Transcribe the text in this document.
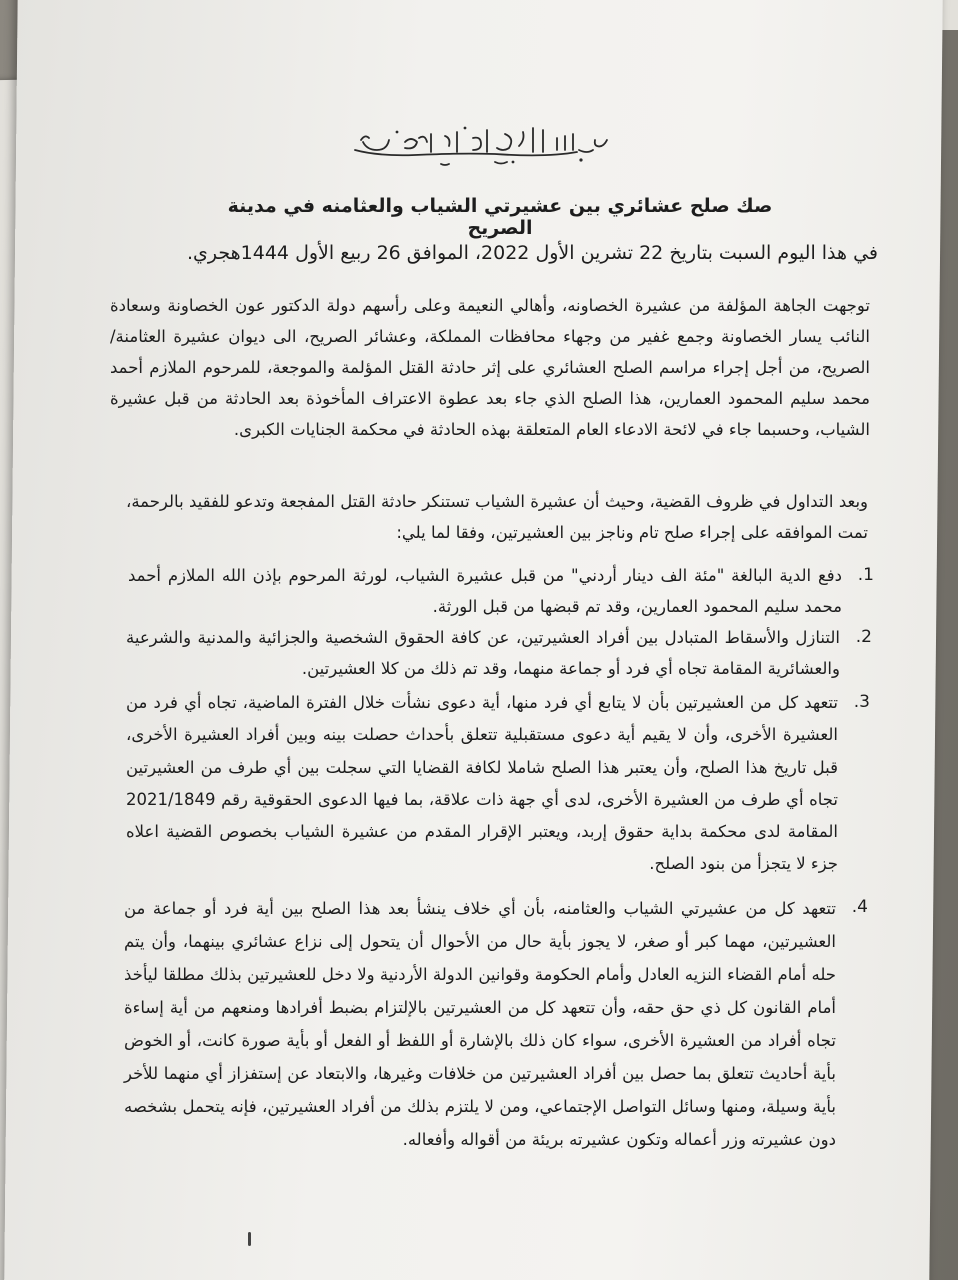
صك صلح عشائري بين عشيرتي الشياب والعثامنه في مدينة الصريح

في هذا اليوم السبت بتاريخ 22 تشرين الأول 2022، الموافق 26 ربيع الأول 1444هجري.

توجهت الجاهة المؤلفة من عشيرة الخصاونه، وأهالي النعيمة وعلى رأسهم دولة الدكتور عون الخصاونة وسعادة النائب يسار الخصاونة وجمع غفير من وجهاء محافظات المملكة، وعشائر الصريح، الى ديوان عشيرة العثامنة/ الصريح، من أجل إجراء مراسم الصلح العشائري على إثر حادثة القتل المؤلمة والموجعة، للمرحوم الملازم أحمد محمد سليم المحمود العمارين، هذا الصلح الذي جاء بعد عطوة الاعتراف المأخوذة بعد الحادثة من قبل عشيرة الشياب، وحسبما جاء في لائحة الادعاء العام المتعلقة بهذه الحادثة في محكمة الجنايات الكبرى.

وبعد التداول في ظروف القضية، وحيث أن عشيرة الشياب تستنكر حادثة القتل المفجعة وتدعو للفقيد بالرحمة، تمت الموافقه على إجراء صلح تام وناجز بين العشيرتين، وفقا لما يلي:

1.
دفع الدية البالغة "مئة الف دينار أردني" من قبل عشيرة الشياب، لورثة المرحوم بإذن الله الملازم أحمد محمد سليم المحمود العمارين، وقد تم قبضها من قبل الورثة.
2.
التنازل والأسقاط المتبادل بين أفراد العشيرتين، عن كافة الحقوق الشخصية والجزائية والمدنية والشرعية والعشائرية المقامة تجاه أي فرد أو جماعة منهما، وقد تم ذلك من كلا العشيرتين.
3.
تتعهد كل من العشيرتين بأن لا يتابع أي فرد منها، أية دعوى نشأت خلال الفترة الماضية، تجاه أي فرد من العشيرة الأخرى، وأن لا يقيم أية دعوى مستقبلية تتعلق بأحداث حصلت بينه وبين أفراد العشيرة الأخرى، قبل تاريخ هذا الصلح، وأن يعتبر هذا الصلح شاملا لكافة القضايا التي سجلت بين أي طرف من العشيرتين تجاه أي طرف من العشيرة الأخرى، لدى أي جهة ذات علاقة، بما فيها الدعوى الحقوقية رقم 2021/1849 المقامة لدى محكمة بداية حقوق إربد، ويعتبر الإقرار المقدم من عشيرة الشياب بخصوص القضية اعلاه جزء لا يتجزأ من بنود الصلح.
4.
تتعهد كل من عشيرتي الشياب والعثامنه، بأن أي خلاف ينشأ بعد هذا الصلح بين أية فرد أو جماعة من العشيرتين، مهما كبر أو صغر، لا يجوز بأية حال من الأحوال أن يتحول إلى نزاع عشائري بينهما، وأن يتم حله أمام القضاء النزيه العادل وأمام الحكومة وقوانين الدولة الأردنية ولا دخل للعشيرتين بذلك مطلقا ليأخذ أمام القانون كل ذي حق حقه، وأن تتعهد كل من العشيرتين بالإلتزام بضبط أفرادها ومنعهم من أية إساءة تجاه أفراد من العشيرة الأخرى، سواء كان ذلك بالإشارة أو اللفظ أو الفعل أو بأية صورة كانت، أو الخوض بأية أحاديث تتعلق بما حصل بين أفراد العشيرتين من خلافات وغيرها، والابتعاد عن إستفزاز أي منهما للأخر بأية وسيلة، ومنها وسائل التواصل الإجتماعي، ومن لا يلتزم بذلك من أفراد العشيرتين، فإنه يتحمل بشخصه دون عشيرته وزر أعماله وتكون عشيرته بريئة من أقواله وأفعاله.
